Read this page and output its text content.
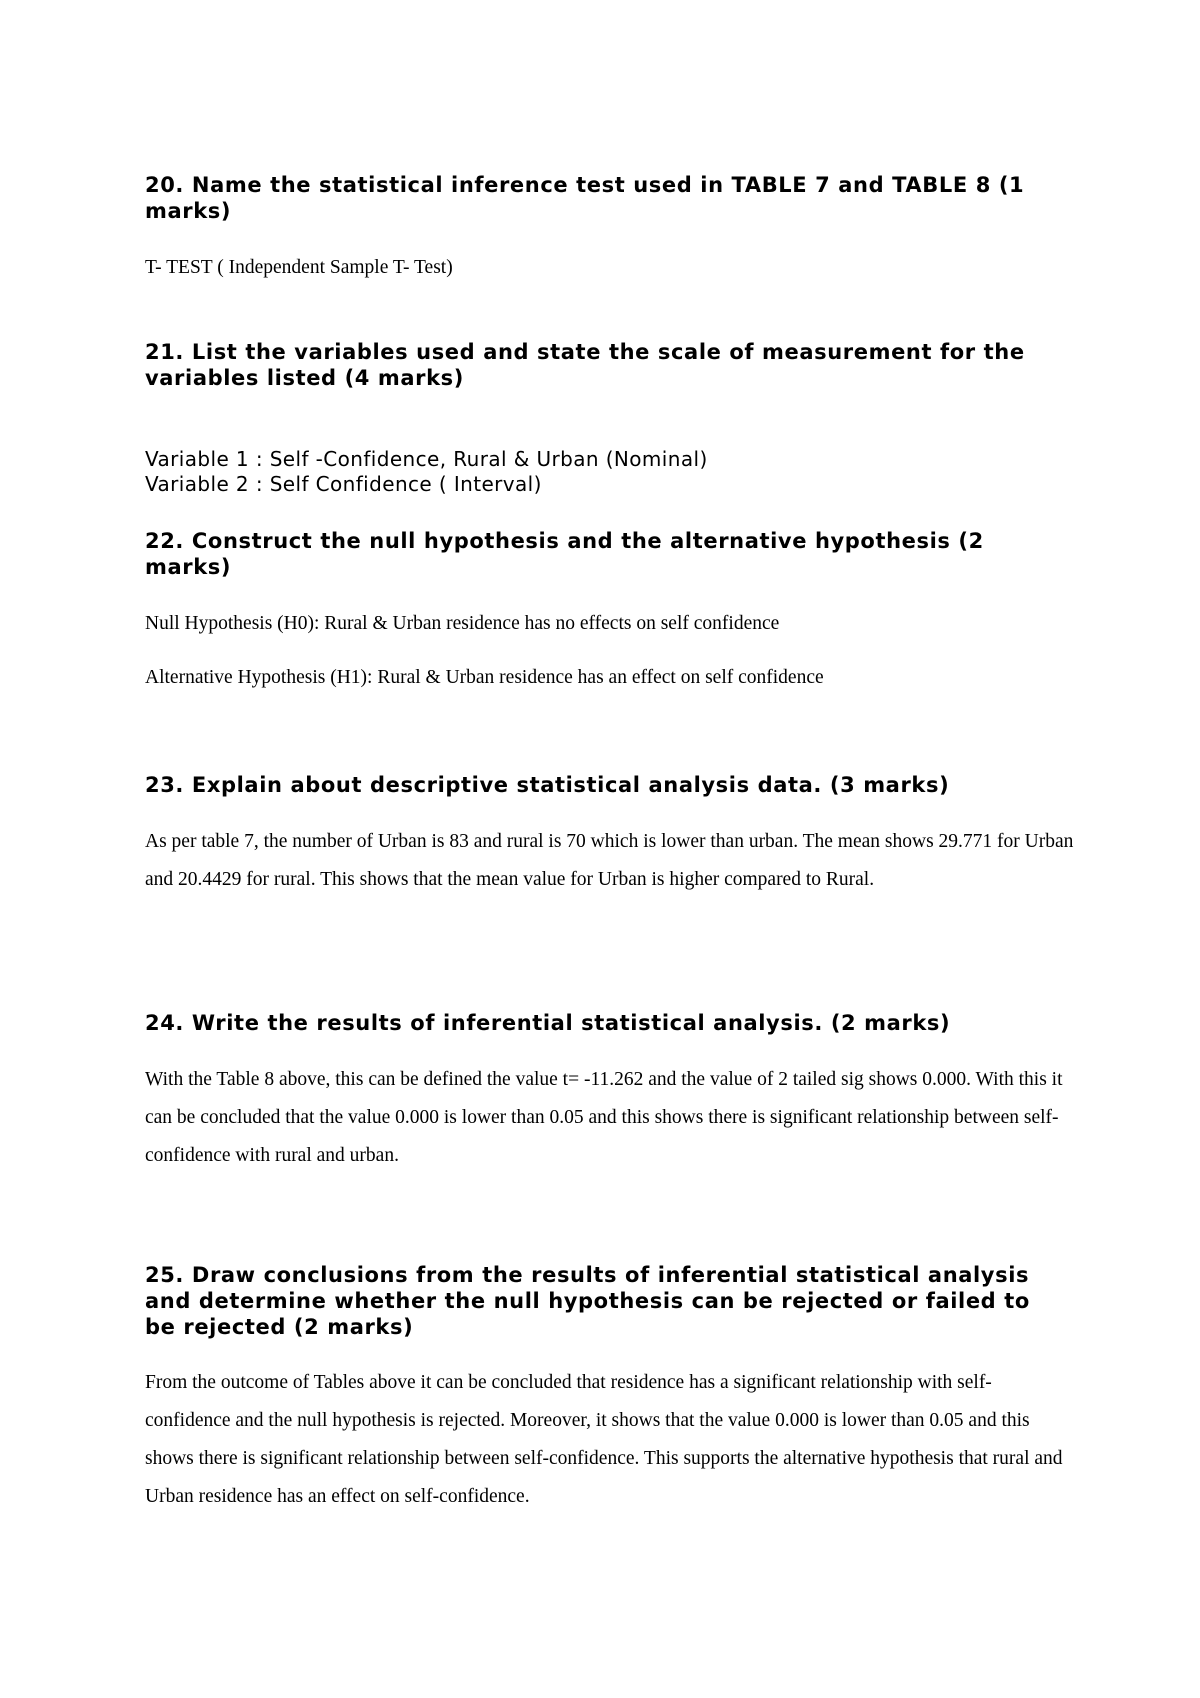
20. Name the statistical inference test used in TABLE 7 and TABLE 8 (1 marks)

T- TEST ( Independent Sample T- Test)

21. List the variables used and state the scale of measurement for the variables listed (4 marks)

Variable 1 : Self -Confidence, Rural & Urban (Nominal)
Variable 2 : Self Confidence ( Interval)

22. Construct the null hypothesis and the alternative hypothesis (2 marks)

Null Hypothesis (H0): Rural & Urban residence has no effects on self confidence

Alternative Hypothesis (H1): Rural & Urban residence has an effect on self confidence

23. Explain about descriptive statistical analysis data. (3 marks)

As per table 7, the number of Urban is 83 and rural is 70 which is lower than urban. The mean shows 29.771 for Urban and 20.4429 for rural. This shows that the mean value for Urban is higher compared to Rural.

24. Write the results of inferential statistical analysis. (2 marks)

With the Table 8 above, this can be defined the value t= -11.262 and the value of 2 tailed sig shows 0.000. With this it can be concluded that the value 0.000 is lower than 0.05 and this shows there is significant relationship between self-confidence with rural and urban.

25. Draw conclusions from the results of inferential statistical analysis and determine whether the null hypothesis can be rejected or failed to be rejected (2 marks)

From the outcome of Tables above it can be concluded that residence has a significant relationship with self-confidence and the null hypothesis is rejected. Moreover, it shows that the value 0.000 is lower than 0.05 and this shows there is significant relationship between self-confidence. This supports the alternative hypothesis that rural and Urban residence has an effect on self-confidence.
